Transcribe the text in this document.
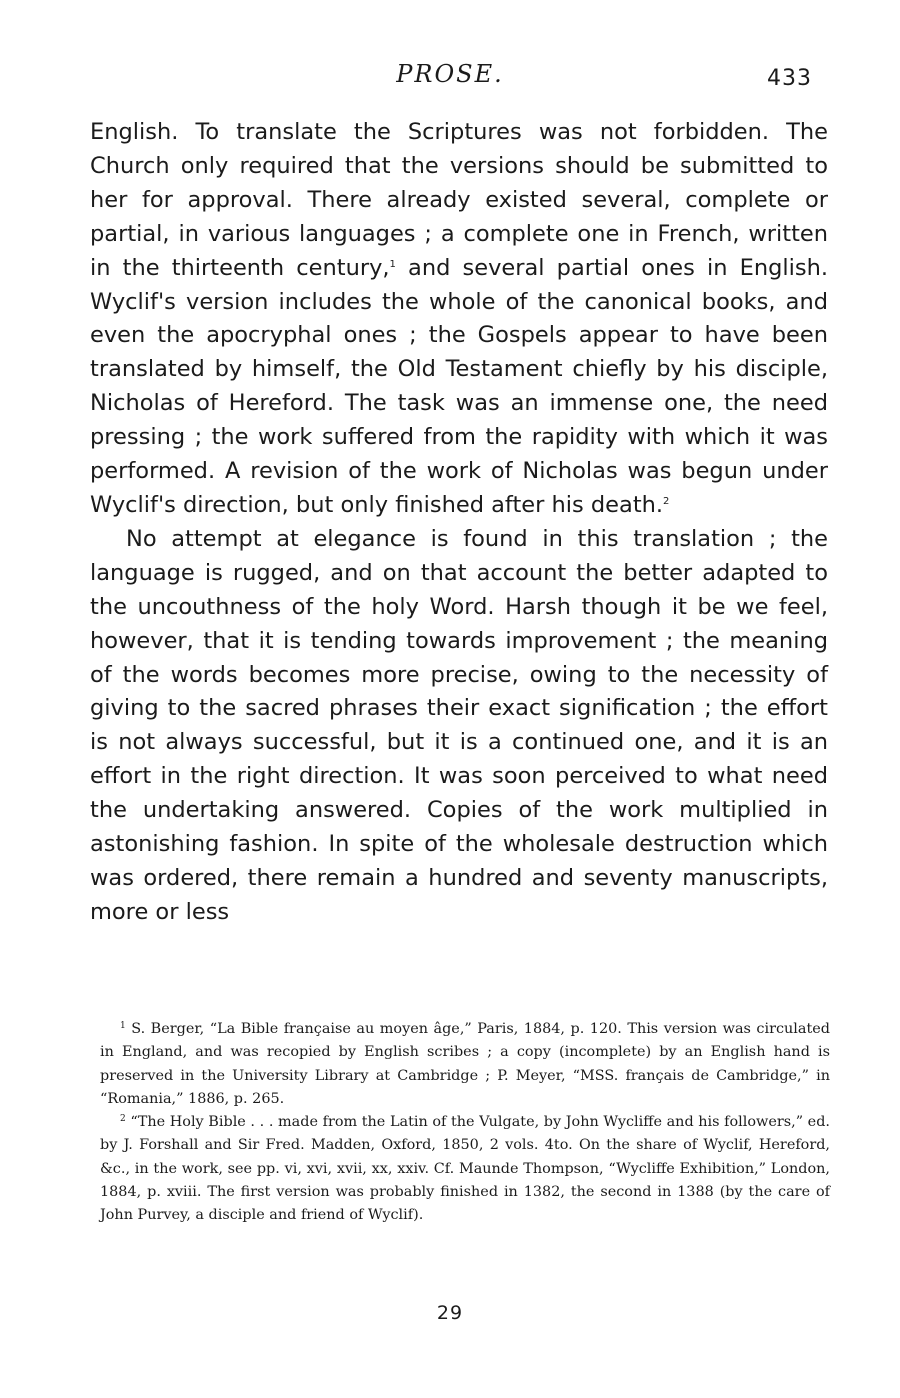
PROSE.	433

English. To translate the Scriptures was not forbidden. The Church only required that the versions should be submitted to her for approval. There already existed several, complete or partial, in various languages ; a complete one in French, written in the thirteenth century,$^1$ and several partial ones in English. Wyclif's version includes the whole of the canonical books, and even the apocryphal ones ; the Gospels appear to have been translated by himself, the Old Testament chiefly by his disciple, Nicholas of Hereford. The task was an immense one, the need pressing ; the work suffered from the rapidity with which it was performed. A revision of the work of Nicholas was begun under Wyclif's direction, but only finished after his death.$^2$

No attempt at elegance is found in this translation ; the language is rugged, and on that account the better adapted to the uncouthness of the holy Word. Harsh though it be we feel, however, that it is tending towards improvement ; the meaning of the words becomes more precise, owing to the necessity of giving to the sacred phrases their exact signification ; the effort is not always successful, but it is a continued one, and it is an effort in the right direction. It was soon perceived to what need the undertaking answered. Copies of the work multiplied in astonishing fashion. In spite of the wholesale destruction which was ordered, there remain a hundred and seventy manuscripts, more or less

$^1$ S. Berger, “La Bible française au moyen âge,” Paris, 1884, p. 120. This version was circulated in England, and was recopied by English scribes ; a copy (incomplete) by an English hand is preserved in the University Library at Cambridge ; P. Meyer, “MSS. français de Cambridge,” in “Romania,” 1886, p. 265.

$^2$ “The Holy Bible . . . made from the Latin of the Vulgate, by John Wycliffe and his followers,” ed. by J. Forshall and Sir Fred. Madden, Oxford, 1850, 2 vols. 4to. On the share of Wyclif, Hereford, &c., in the work, see pp. vi, xvi, xvii, xx, xxiv. Cf. Maunde Thompson, “Wycliffe Exhibition,” London, 1884, p. xviii. The first version was probably finished in 1382, the second in 1388 (by the care of John Purvey, a disciple and friend of Wyclif).

29
